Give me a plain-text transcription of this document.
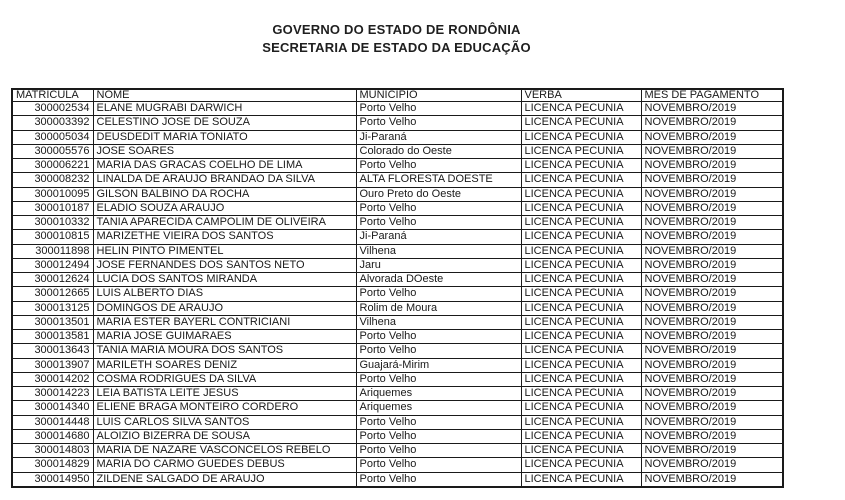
GOVERNO DO ESTADO DE RONDÔNIA
SECRETARIA DE ESTADO DA EDUCAÇÃO
MATRICULA	NOME	MUNICIPIO	VERBA	MÊS DE PAGAMENTO
300002534	ELANE MUGRABI DARWICH	Porto Velho	LICENCA PECUNIA	NOVEMBRO/2019
300003392	CELESTINO JOSE DE SOUZA	Porto Velho	LICENCA PECUNIA	NOVEMBRO/2019
300005034	DEUSDEDIT MARIA TONIATO	Ji-Paraná	LICENCA PECUNIA	NOVEMBRO/2019
300005576	JOSE SOARES	Colorado do Oeste	LICENCA PECUNIA	NOVEMBRO/2019
300006221	MARIA DAS GRACAS COELHO DE LIMA	Porto Velho	LICENCA PECUNIA	NOVEMBRO/2019
300008232	LINALDA DE ARAUJO BRANDAO DA SILVA	ALTA FLORESTA DOESTE	LICENCA PECUNIA	NOVEMBRO/2019
300010095	GILSON BALBINO DA ROCHA	Ouro Preto do Oeste	LICENCA PECUNIA	NOVEMBRO/2019
300010187	ELADIO SOUZA ARAUJO	Porto Velho	LICENCA PECUNIA	NOVEMBRO/2019
300010332	TANIA APARECIDA CAMPOLIM DE OLIVEIRA	Porto Velho	LICENCA PECUNIA	NOVEMBRO/2019
300010815	MARIZETHE VIEIRA DOS SANTOS	Ji-Paraná	LICENCA PECUNIA	NOVEMBRO/2019
300011898	HELIN PINTO PIMENTEL	Vilhena	LICENCA PECUNIA	NOVEMBRO/2019
300012494	JOSE FERNANDES DOS SANTOS NETO	Jaru	LICENCA PECUNIA	NOVEMBRO/2019
300012624	LUCIA DOS SANTOS MIRANDA	Alvorada DOeste	LICENCA PECUNIA	NOVEMBRO/2019
300012665	LUIS ALBERTO DIAS	Porto Velho	LICENCA PECUNIA	NOVEMBRO/2019
300013125	DOMINGOS DE ARAUJO	Rolim de Moura	LICENCA PECUNIA	NOVEMBRO/2019
300013501	MARIA ESTER BAYERL CONTRICIANI	Vilhena	LICENCA PECUNIA	NOVEMBRO/2019
300013581	MARIA JOSE GUIMARAES	Porto Velho	LICENCA PECUNIA	NOVEMBRO/2019
300013643	TANIA MARIA MOURA DOS SANTOS	Porto Velho	LICENCA PECUNIA	NOVEMBRO/2019
300013907	MARILETH SOARES DENIZ	Guajará-Mirim	LICENCA PECUNIA	NOVEMBRO/2019
300014202	COSMA RODRIGUES DA SILVA	Porto Velho	LICENCA PECUNIA	NOVEMBRO/2019
300014223	LEIA BATISTA LEITE JESUS	Ariquemes	LICENCA PECUNIA	NOVEMBRO/2019
300014340	ELIENE BRAGA MONTEIRO CORDERO	Ariquemes	LICENCA PECUNIA	NOVEMBRO/2019
300014448	LUIS CARLOS SILVA SANTOS	Porto Velho	LICENCA PECUNIA	NOVEMBRO/2019
300014680	ALOIZIO BIZERRA DE SOUSA	Porto Velho	LICENCA PECUNIA	NOVEMBRO/2019
300014803	MARIA DE NAZARE VASCONCELOS REBELO	Porto Velho	LICENCA PECUNIA	NOVEMBRO/2019
300014829	MARIA DO CARMO GUEDES DEBUS	Porto Velho	LICENCA PECUNIA	NOVEMBRO/2019
300014950	ZILDENE SALGADO DE ARAUJO	Porto Velho	LICENCA PECUNIA	NOVEMBRO/2019
